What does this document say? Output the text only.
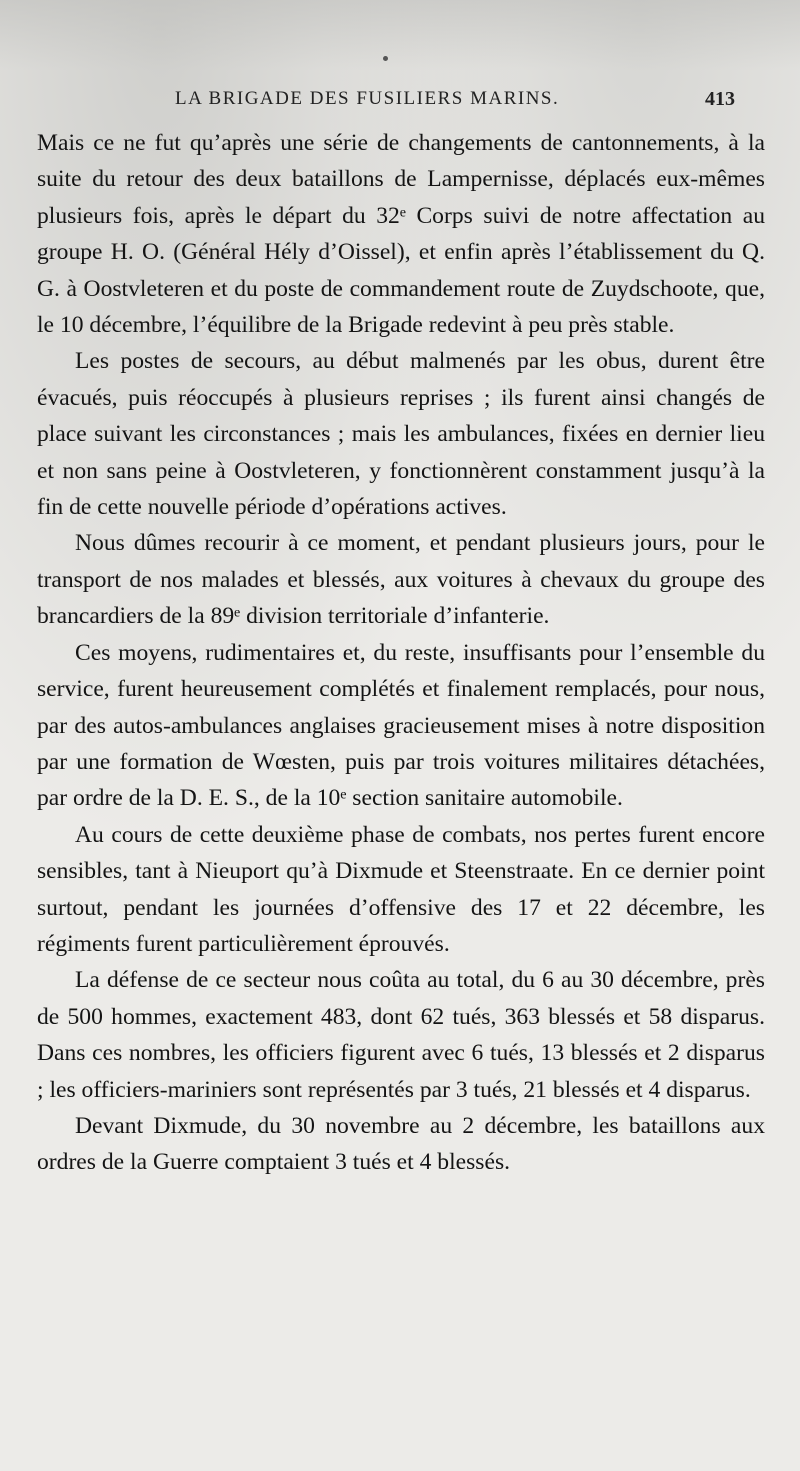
LA BRIGADE DES FUSILIERS MARINS.	413

Mais ce ne fut qu’après une série de changements de cantonnements, à la suite du retour des deux bataillons de Lampernisse, déplacés eux-mêmes plusieurs fois, après le départ du 32ᵉ Corps suivi de notre affectation au groupe H. O. (Général Hély d’Oissel), et enfin après l’établissement du Q. G. à Oostvleteren et du poste de commandement route de Zuydschoote, que, le 10 décembre, l’équilibre de la Brigade redevint à peu près stable.

Les postes de secours, au début malmenés par les obus, durent être évacués, puis réoccupés à plusieurs reprises ; ils furent ainsi changés de place suivant les circonstances ; mais les ambulances, fixées en dernier lieu et non sans peine à Oostvleteren, y fonctionnèrent constamment jusqu’à la fin de cette nouvelle période d’opérations actives.

Nous dûmes recourir à ce moment, et pendant plusieurs jours, pour le transport de nos malades et blessés, aux voitures à chevaux du groupe des brancardiers de la 89ᵉ division territoriale d’infanterie.

Ces moyens, rudimentaires et, du reste, insuffisants pour l’ensemble du service, furent heureusement complétés et finalement remplacés, pour nous, par des autos-ambulances anglaises gracieusement mises à notre disposition par une formation de Wœsten, puis par trois voitures militaires détachées, par ordre de la D. E. S., de la 10ᵉ section sanitaire automobile.

Au cours de cette deuxième phase de combats, nos pertes furent encore sensibles, tant à Nieuport qu’à Dixmude et Steenstraate. En ce dernier point surtout, pendant les journées d’offensive des 17 et 22 décembre, les régiments furent particulièrement éprouvés.

La défense de ce secteur nous coûta au total, du 6 au 30 décembre, près de 500 hommes, exactement 483, dont 62 tués, 363 blessés et 58 disparus. Dans ces nombres, les officiers figurent avec 6 tués, 13 blessés et 2 disparus ; les officiers-mariniers sont représentés par 3 tués, 21 blessés et 4 disparus.

Devant Dixmude, du 30 novembre au 2 décembre, les bataillons aux ordres de la Guerre comptaient 3 tués et 4 blessés.
